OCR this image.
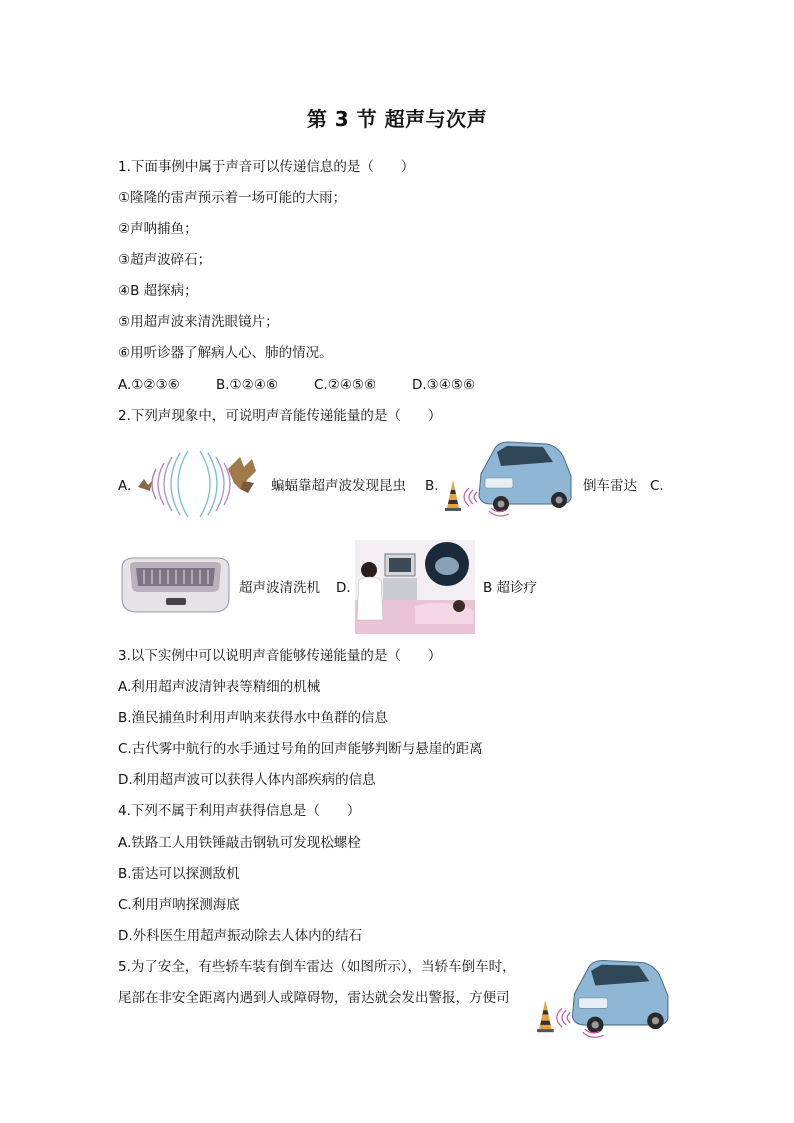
第 3 节 超声与次声
1.下面事例中属于声音可以传递信息的是（　　）
①隆隆的雷声预示着一场可能的大雨；
②声呐捕鱼；
③超声波碎石；
④B 超探病；
⑤用超声波来清洗眼镜片；
⑥用听诊器了解病人心、肺的情况。
A.①②③⑥	B.①②④⑥	C.②④⑤⑥	D.③④⑤⑥
2.下列声现象中，可说明声音能传递能量的是（　　）
A.	蝙蝠靠超声波发现昆虫 B.	倒车雷达 C.
超声波清洗机 D.	B 超诊疗
3.以下实例中可以说明声音能够传递能量的是（　　）
A.利用超声波清钟表等精细的机械
B.渔民捕鱼时利用声呐来获得水中鱼群的信息
C.古代雾中航行的水手通过号角的回声能够判断与悬崖的距离
D.利用超声波可以获得人体内部疾病的信息
4.下列不属于利用声获得信息是（　　）
A.铁路工人用铁锤敲击钢轨可发现松螺栓
B.雷达可以探测敌机
C.利用声呐探测海底
D.外科医生用超声振动除去人体内的结石
5.为了安全，有些轿车装有倒车雷达（如图所示），当轿车倒车时，
尾部在非安全距离内遇到人或障碍物，雷达就会发出警报，方便司
